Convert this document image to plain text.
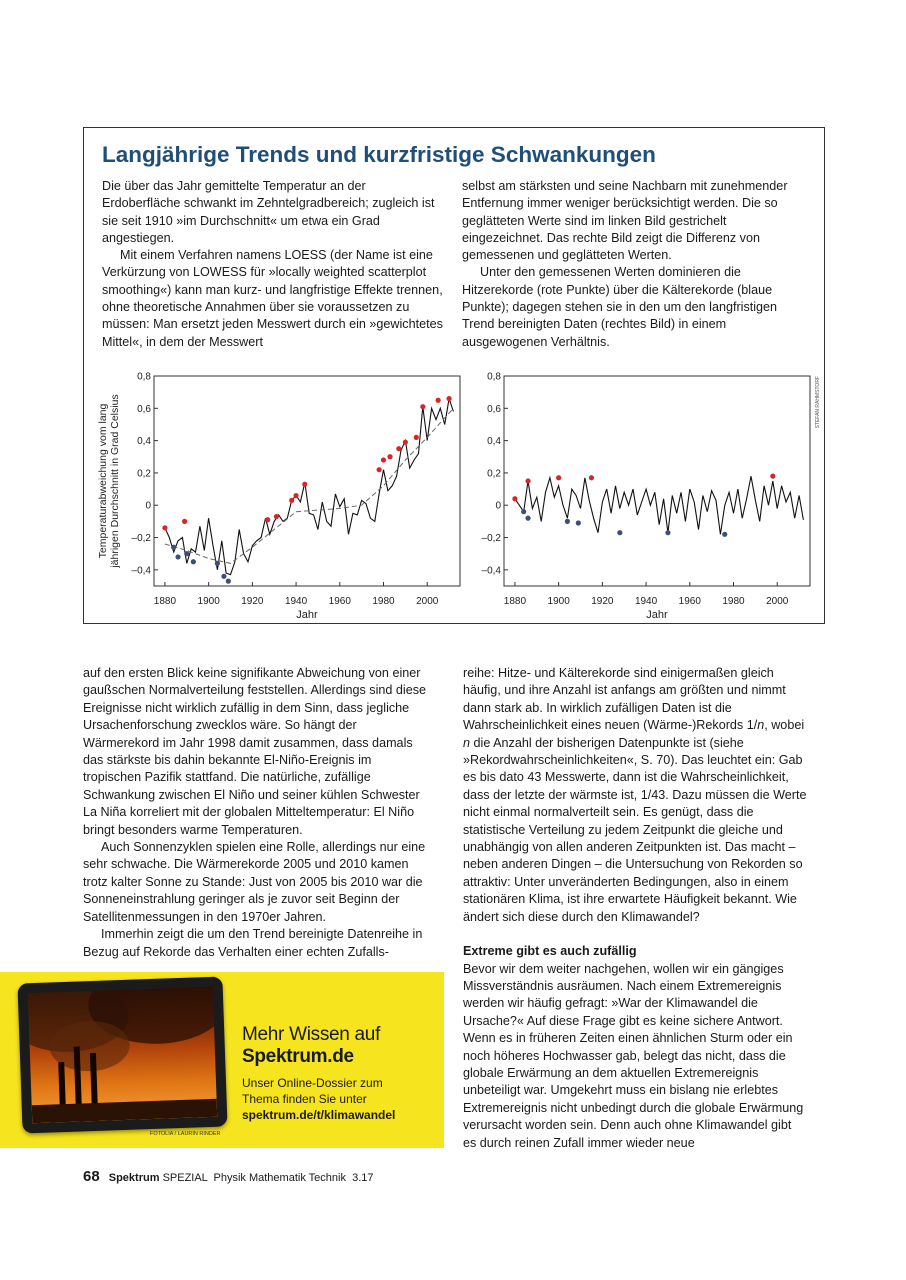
Langjährige Trends und kurzfristige Schwankungen

Die über das Jahr gemittelte Temperatur an der Erdoberfläche schwankt im Zehntelgradbereich; zugleich ist sie seit 1910 »im Durchschnitt« um etwa ein Grad angestiegen.

Mit einem Verfahren namens LOESS (der Name ist eine Verkürzung von LOWESS für »locally weighted scatterplot smoothing«) kann man kurz- und langfristige Effekte trennen, ohne theoretische Annahmen über sie voraussetzen zu müssen: Man ersetzt jeden Messwert durch ein »gewichtetes Mittel«, in dem der Messwert

selbst am stärksten und seine Nachbarn mit zunehmender Entfernung immer weniger berücksichtigt werden. Die so geglätteten Werte sind im linken Bild gestrichelt eingezeichnet. Das rechte Bild zeigt die Differenz von gemessenen und geglätteten Werten.

Unter den gemessenen Werten dominieren die Hitzerekorde (rote Punkte) über die Kälterekorde (blaue Punkte); dagegen stehen sie in den um den langfristigen Trend bereinigten Daten (rechtes Bild) in einem ausgewogenen Verhältnis.

STEFAN RAHMSTORF
0,8
0,6
0,4
0,2
0
–0,2
–0,4
1880 1900 1920 1940 1960 1980 2000
Jahr
Temperaturabweichung vom lang jährigen Durchschnitt in Grad Celsius
0,8
0,6
0,4
0,2
0
–0,2
–0,4
1880 1900 1920 1940 1960 1980 2000
Jahr

auf den ersten Blick keine signifikante Abweichung von einer gaußschen Normalverteilung feststellen. Allerdings sind diese Ereignisse nicht wirklich zufällig in dem Sinn, dass jegliche Ursachenforschung zwecklos wäre. So hängt der Wärmerekord im Jahr 1998 damit zusammen, dass damals das stärkste bis dahin bekannte El-Niño-Ereignis im tropischen Pazifik stattfand. Die natürliche, zufällige Schwankung zwischen El Niño und seiner kühlen Schwester La Niña korreliert mit der globalen Mitteltemperatur: El Niño bringt besonders warme Temperaturen.

Auch Sonnenzyklen spielen eine Rolle, allerdings nur eine sehr schwache. Die Wärmerekorde 2005 und 2010 kamen trotz kalter Sonne zu Stande: Just von 2005 bis 2010 war die Sonneneinstrahlung geringer als je zuvor seit Beginn der Satellitenmessungen in den 1970er Jahren.

Immerhin zeigt die um den Trend bereinigte Datenreihe in Bezug auf Rekorde das Verhalten einer echten Zufalls-

reihe: Hitze- und Kälterekorde sind einigermaßen gleich häufig, und ihre Anzahl ist anfangs am größten und nimmt dann stark ab. In wirklich zufälligen Daten ist die Wahrscheinlichkeit eines neuen (Wärme-)Rekords 1/n, wobei n die Anzahl der bisherigen Datenpunkte ist (siehe »Rekordwahrscheinlichkeiten«, S. 70). Das leuchtet ein: Gab es bis dato 43 Messwerte, dann ist die Wahrscheinlichkeit, dass der letzte der wärmste ist, 1/43. Dazu müssen die Werte nicht einmal normalverteilt sein. Es genügt, dass die statistische Verteilung zu jedem Zeitpunkt die gleiche und unabhängig von allen anderen Zeitpunkten ist. Das macht – neben anderen Dingen – die Untersuchung von Rekorden so attraktiv: Unter unveränderten Bedingungen, also in einem stationären Klima, ist ihre erwartete Häufigkeit bekannt. Wie ändert sich diese durch den Klimawandel?

Extreme gibt es auch zufällig

Bevor wir dem weiter nachgehen, wollen wir ein gängiges Missverständnis ausräumen. Nach einem Extremereignis werden wir häufig gefragt: »War der Klimawandel die Ursache?« Auf diese Frage gibt es keine sichere Antwort. Wenn es in früheren Zeiten einen ähnlichen Sturm oder ein noch höheres Hochwasser gab, belegt das nicht, dass die globale Erwärmung an dem aktuellen Extremereignis unbeteiligt war. Umgekehrt muss ein bislang nie erlebtes Extremereignis nicht unbedingt durch die globale Erwärmung verursacht worden sein. Denn auch ohne Klimawandel gibt es durch reinen Zufall immer wieder neue

Mehr Wissen auf
Spektrum.de
Unser Online-Dossier zum Thema finden Sie unter
spektrum.de/t/klimawandel
FOTOLIA / LAURIN RINDER
68 Spektrum SPEZIAL  Physik Mathematik Technik  3.17
